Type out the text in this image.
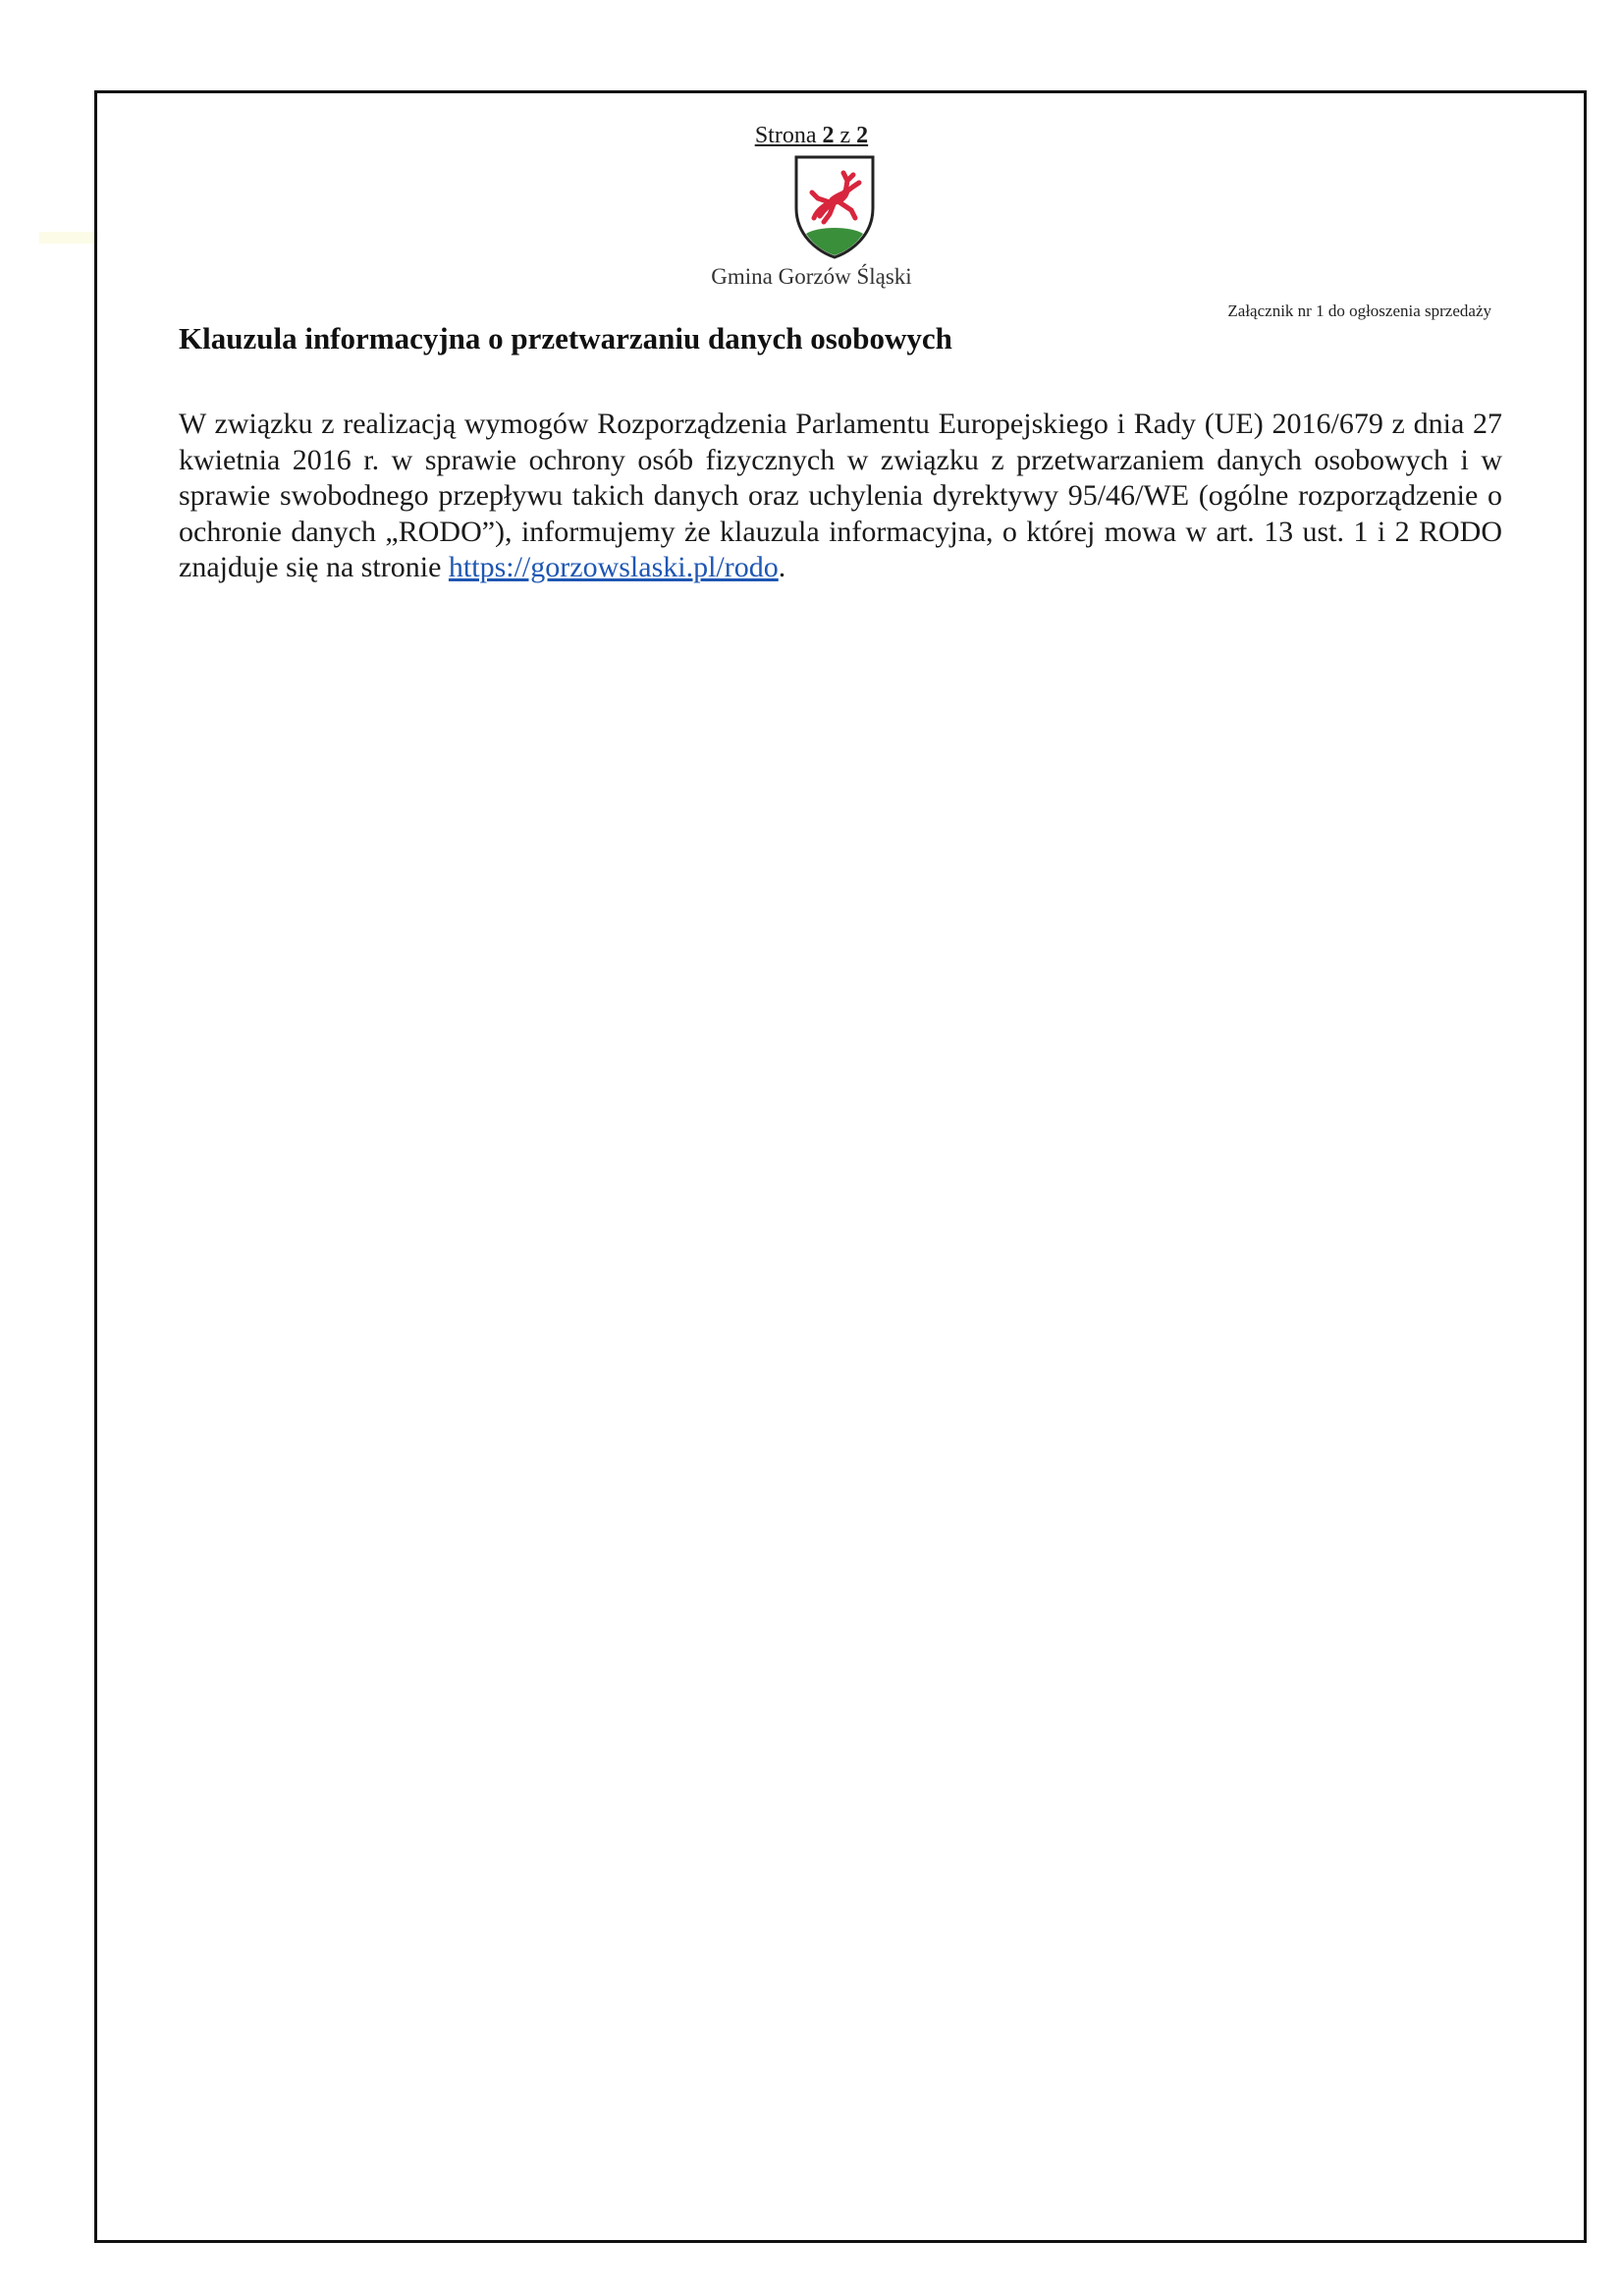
Strona 2 z 2
Gmina Gorzów Śląski
Załącznik nr 1 do ogłoszenia sprzedaży
Klauzula informacyjna o przetwarzaniu danych osobowych

W związku z realizacją wymogów Rozporządzenia Parlamentu Europejskiego i Rady (UE) 2016/679 z dnia 27 kwietnia 2016 r. w sprawie ochrony osób fizycznych w związku z przetwarzaniem danych osobowych i w sprawie swobodnego przepływu takich danych oraz uchylenia dyrektywy 95/46/WE (ogólne rozporządzenie o ochronie danych „RODO”), informujemy że klauzula informacyjna, o której mowa w art. 13 ust. 1 i 2 RODO znajduje się na stronie https://gorzowslaski.pl/rodo.
